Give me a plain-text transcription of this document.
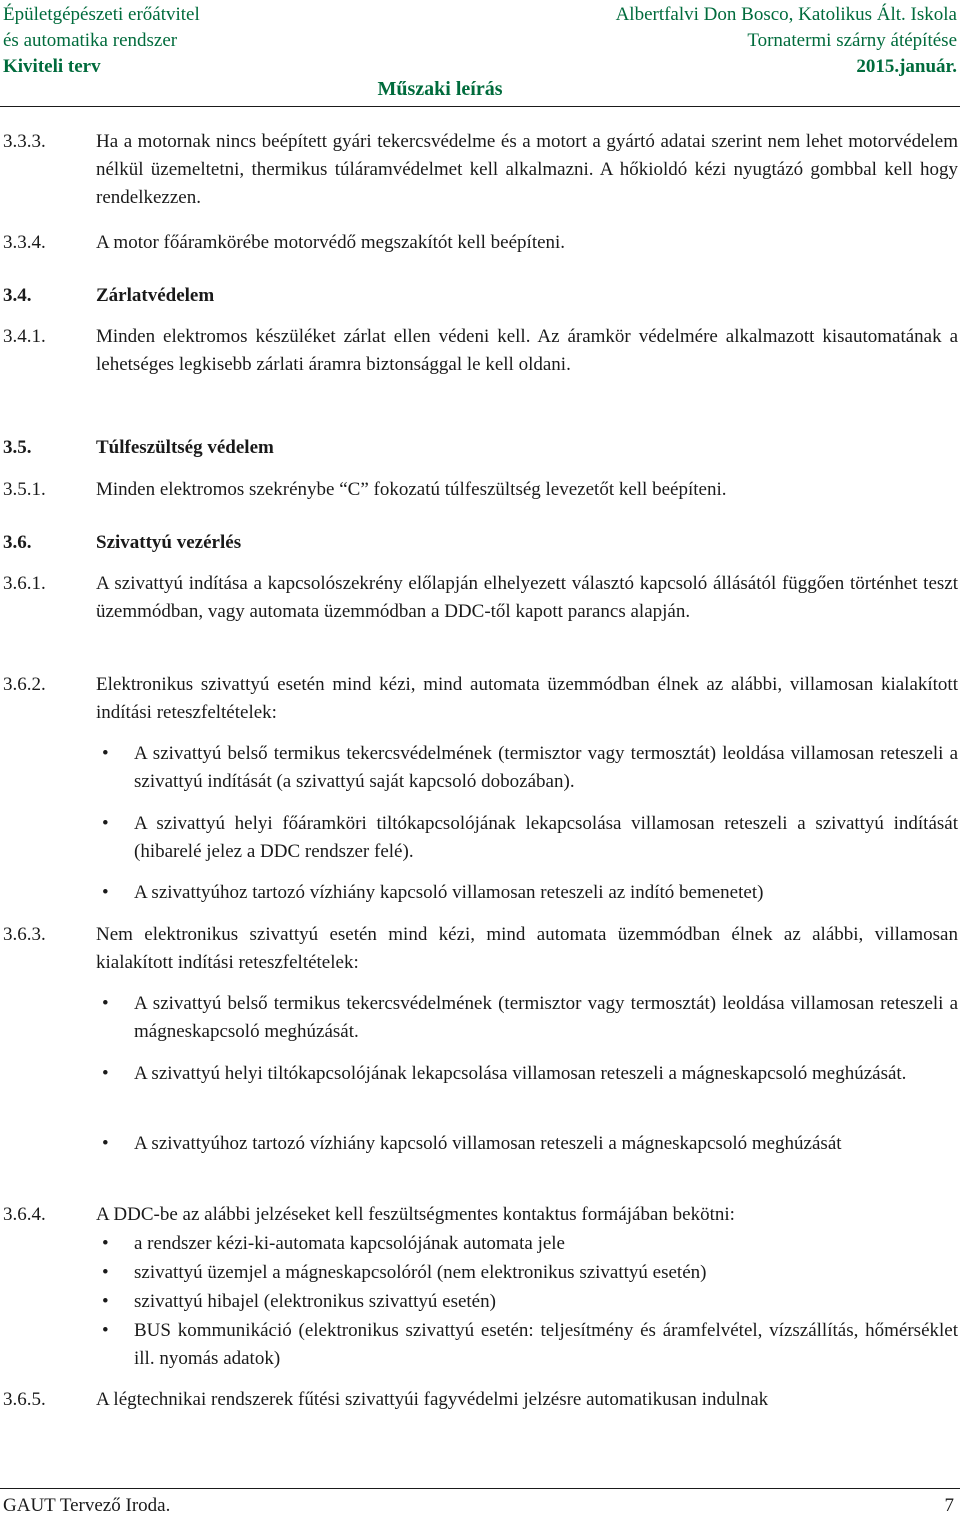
Épületgépészeti erőátvitel
és automatika rendszer
Kiviteli terv
Albertfalvi Don Bosco, Katolikus Ált. Iskola
Tornatermi szárny átépítése
2015.január.
Műszaki leírás
3.3.3.	Ha a motornak nincs beépített gyári tekercsvédelme és a motort a gyártó adatai szerint nem lehet motorvédelem nélkül üzemeltetni, thermikus túláramvédelmet kell alkalmazni. A hőkioldó kézi nyugtázó gombbal kell hogy rendelkezzen.
3.3.4.	A motor főáramkörébe motorvédő megszakítót kell beépíteni.
3.4.	Zárlatvédelem
3.4.1.	Minden elektromos készüléket zárlat ellen védeni kell. Az áramkör védelmére alkalmazott kisautomatának a lehetséges legkisebb zárlati áramra biztonsággal le kell oldani.
3.5.	Túlfeszültség védelem
3.5.1.	Minden elektromos szekrénybe “C” fokozatú túlfeszültség levezetőt kell beépíteni.
3.6.	Szivattyú vezérlés
3.6.1.	A szivattyú indítása a kapcsolószekrény előlapján elhelyezett választó kapcsoló állásától függően történhet teszt üzemmódban, vagy automata üzemmódban a DDC-től kapott parancs alapján.
3.6.2.	Elektronikus szivattyú esetén mind kézi, mind automata üzemmódban élnek az alábbi, villamosan kialakított indítási reteszfeltételek:
• A szivattyú belső termikus tekercsvédelmének (termisztor vagy termosztát) leoldása villamosan reteszeli a szivattyú indítását (a szivattyú saját kapcsoló dobozában).
• A szivattyú helyi főáramköri tiltókapcsolójának lekapcsolása villamosan reteszeli a szivattyú indítását (hibarelé jelez a DDC rendszer felé).
• A szivattyúhoz tartozó vízhiány kapcsoló villamosan reteszeli az indító bemenetet)
3.6.3.	Nem elektronikus szivattyú esetén mind kézi, mind automata üzemmódban élnek az alábbi, villamosan kialakított indítási reteszfeltételek:
• A szivattyú belső termikus tekercsvédelmének (termisztor vagy termosztát) leoldása villamosan reteszeli a mágneskapcsoló meghúzását.
• A szivattyú helyi tiltókapcsolójának lekapcsolása villamosan reteszeli a mágneskapcsoló meghúzását.
• A szivattyúhoz tartozó vízhiány kapcsoló villamosan reteszeli a mágneskapcsoló meghúzását
3.6.4.	A DDC-be az alábbi jelzéseket kell feszültségmentes kontaktus formájában bekötni:
• a rendszer kézi-ki-automata kapcsolójának automata jele
• szivattyú üzemjel a mágneskapcsolóról (nem elektronikus szivattyú esetén)
• szivattyú hibajel (elektronikus szivattyú esetén)
• BUS kommunikáció (elektronikus szivattyú esetén: teljesítmény és áramfelvétel, vízszállítás, hőmérséklet ill. nyomás adatok)
3.6.5.	A légtechnikai rendszerek fűtési szivattyúi fagyvédelmi jelzésre automatikusan indulnak
GAUT Tervező Iroda.	7
